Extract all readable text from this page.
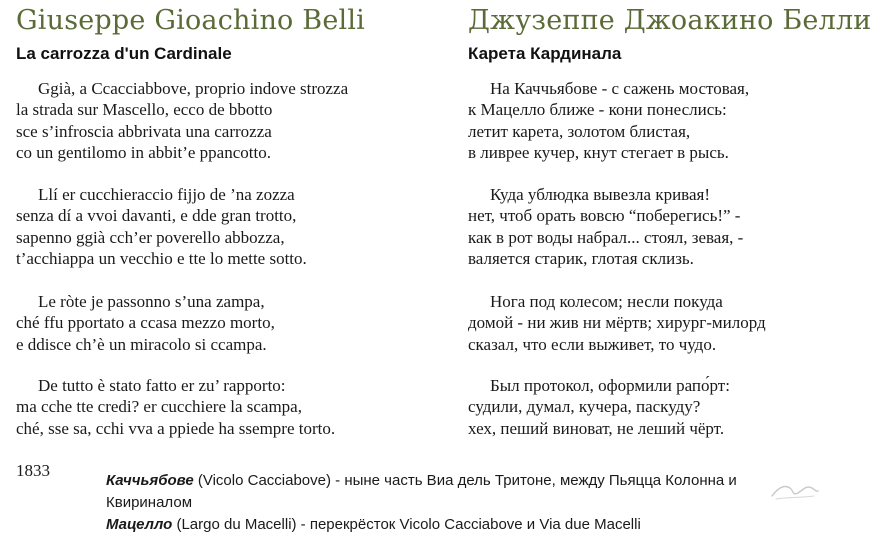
Giuseppe Gioachino Belli
La carrozza d'un Cardinale
Ggià, a Ccacciabbove, proprio indove strozza
la strada sur Mascello, ecco de bbotto
sce s’infroscia abbrivata una carrozza
co un gentilomo in abbit’e ppancotto.
Llí er cucchieraccio fijjo de ’na zozza
senza dí a vvoi davanti, e dde gran trotto,
sapenno ggià cch’er poverello abbozza,
t’acchiappa un vecchio e tte lo mette sotto.
Le ròte je passonno s’una zampa,
ché ffu pportato a ccasa mezzo morto,
e ddisce ch’è un miracolo si ccampa.
De tutto è stato fatto er zu’ rapporto:
ma cche tte credi? er cucchiere la scampa,
ché, sse sa, cchi vva a ppiede ha ssempre torto.
Джузеппе Джоакино Белли
Карета Кардинала
На Каччьябове - с сажень мостовая,
к Мацелло ближе - кони понеслись:
летит карета, золотом блистая,
в ливрее кучер, кнут стегает в рысь.
Куда ублюдка вывезла кривая!
нет, чтоб орать вовсю “поберегись!” -
как в рот воды набрал... стоял, зевая, -
валяется старик, глотая склизь.
Нога под колесом; несли покуда
домой - ни жив ни мёртв; хирург-милорд
сказал, что если выживет, то чудо.
Был протокол, оформили рапо́рт:
судили, думал, кучера, паскуду?
хех, пеший виноват, не леший чёрт.
1833
Каччьябове (Vicolo Cacciabove) - ныне часть Виа дель Тритоне, между Пьяцца Колонна и Квириналом
Мацелло (Largo du Macelli) - перекрёсток Vicolo Cacciabove и Via due Macelli
